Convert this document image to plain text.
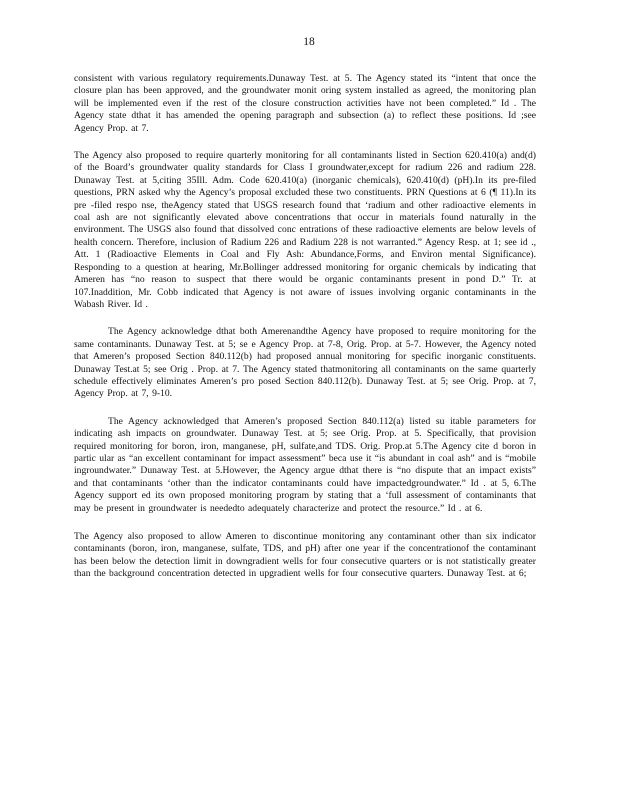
18

consistent with various regulatory requirements.Dunaway Test. at 5. The Agency stated its “intent that once the closure plan has been approved, and the groundwater monit oring system installed as agreed, the monitoring plan will be implemented even if the rest of the closure construction activities have not been completed.” Id . The Agency state dthat it has amended the opening paragraph and subsection (a) to reflect these positions. Id ;see Agency Prop. at 7.

The Agency also proposed to require quarterly monitoring for all contaminants listed in Section 620.410(a) and(d) of the Board’s groundwater quality standards for Class I groundwater,except for radium 226 and radium 228. Dunaway Test. at 5,citing 35Ill. Adm. Code 620.410(a) (inorganic chemicals), 620.410(d) (pH).In its pre-filed questions, PRN asked why the Agency’s proposal excluded these two constituents. PRN Questions at 6 (¶ 11).In its pre -filed respo nse, theAgency stated that USGS research found that ‘radium and other radioactive elements in coal ash are not significantly elevated above concentrations that occur in materials found naturally in the environment. The USGS also found that dissolved conc entrations of these radioactive elements are below levels of health concern. Therefore, inclusion of Radium 226 and Radium 228 is not warranted.” Agency Resp. at 1; see id ., Att. 1 (Radioactive Elements in Coal and Fly Ash: Abundance,Forms, and Environ mental Significance). Responding to a question at hearing, Mr.Bollinger addressed monitoring for organic chemicals by indicating that Ameren has “no reason to suspect that there would be organic contaminants present in pond D.” Tr. at 107.Inaddition, Mr. Cobb indicated that Agency is not aware of issues involving organic contaminants in the Wabash River. Id .

The Agency acknowledge dthat both Amerenandthe Agency have proposed to require monitoring for the same contaminants. Dunaway Test. at 5; se e Agency Prop. at 7-8, Orig. Prop. at 5-7. However, the Agency noted that Ameren’s proposed Section 840.112(b) had proposed annual monitoring for specific inorganic constituents. Dunaway Test.at 5; see Orig . Prop. at 7. The Agency stated thatmonitoring all contaminants on the same quarterly schedule effectively eliminates Ameren’s pro posed Section 840.112(b). Dunaway Test. at 5; see Orig. Prop. at 7, Agency Prop. at 7, 9-10.

The Agency acknowledged that Ameren’s proposed Section 840.112(a) listed su itable parameters for indicating ash impacts on groundwater. Dunaway Test. at 5; see Orig. Prop. at 5. Specifically, that provision required monitoring for boron, iron, manganese, pH, sulfate,and TDS. Orig. Prop.at 5.The Agency cite d boron in partic ular as “an excellent contaminant for impact assessment” beca use it “is abundant in coal ash” and is “mobile ingroundwater.” Dunaway Test. at 5.However, the Agency argue dthat there is “no dispute that an impact exists” and that contaminants ‘other than the indicator contaminants could have impactedgroundwater.” Id . at 5, 6.The Agency support ed its own proposed monitoring program by stating that a ‘full assessment of contaminants that may be present in groundwater is neededto adequately characterize and protect the resource.” Id . at 6.

The Agency also proposed to allow Ameren to discontinue monitoring any contaminant other than six indicator contaminants (boron, iron, manganese, sulfate, TDS, and pH) after one year if the concentrationof the contaminant has been below the detection limit in downgradient wells for four consecutive quarters or is not statistically greater than the background concentration detected in upgradient wells for four consecutive quarters. Dunaway Test. at 6;
